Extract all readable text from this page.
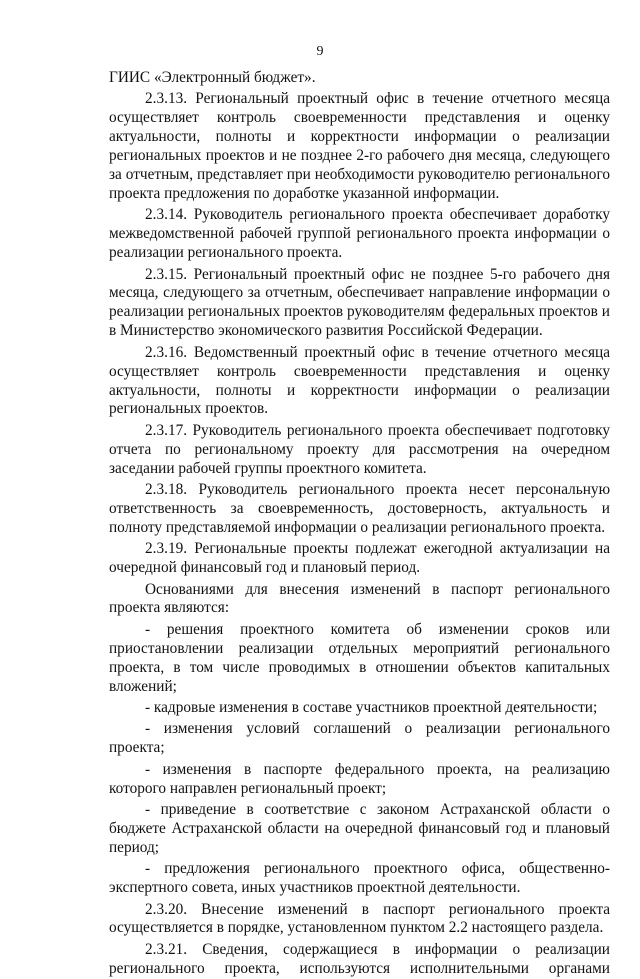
9

ГИИС «Электронный бюджет».

2.3.13. Региональный проектный офис в течение отчетного месяца осуществляет контроль своевременности представления и оценку актуальности, полноты и корректности информации о реализации региональных проектов и не позднее 2-го рабочего дня месяца, следующего за отчетным, представляет при необходимости руководителю регионального проекта предложения по доработке указанной информации.

2.3.14. Руководитель регионального проекта обеспечивает доработку межведомственной рабочей группой регионального проекта информации о реализации регионального проекта.

2.3.15. Региональный проектный офис не позднее 5-го рабочего дня месяца, следующего за отчетным, обеспечивает направление информации о реализации региональных проектов руководителям федеральных проектов и в Министерство экономического развития Российской Федерации.

2.3.16. Ведомственный проектный офис в течение отчетного месяца осуществляет контроль своевременности представления и оценку актуальности, полноты и корректности информации о реализации региональных проектов.

2.3.17. Руководитель регионального проекта обеспечивает подготовку отчета по региональному проекту для рассмотрения на очередном заседании рабочей группы проектного комитета.

2.3.18. Руководитель регионального проекта несет персональную ответственность за своевременность, достоверность, актуальность и полноту представляемой информации о реализации регионального проекта.

2.3.19. Региональные проекты подлежат ежегодной актуализации на очередной финансовый год и плановый период.

Основаниями для внесения изменений в паспорт регионального проекта являются:

- решения проектного комитета об изменении сроков или приостановлении реализации отдельных мероприятий регионального проекта, в том числе проводимых в отношении объектов капитальных вложений;

- кадровые изменения в составе участников проектной деятельности;

- изменения условий соглашений о реализации регионального проекта;

- изменения в паспорте федерального проекта, на реализацию которого направлен региональный проект;

- приведение в соответствие с законом Астраханской области о бюджете Астраханской области на очередной финансовый год и плановый период;

- предложения регионального проектного офиса, общественно-экспертного совета, иных участников проектной деятельности.

2.3.20. Внесение изменений в паспорт регионального проекта осуществляется в порядке, установленном пунктом 2.2 настоящего раздела.

2.3.21. Сведения, содержащиеся в информации о реализации регионального проекта, используются исполнительными органами
